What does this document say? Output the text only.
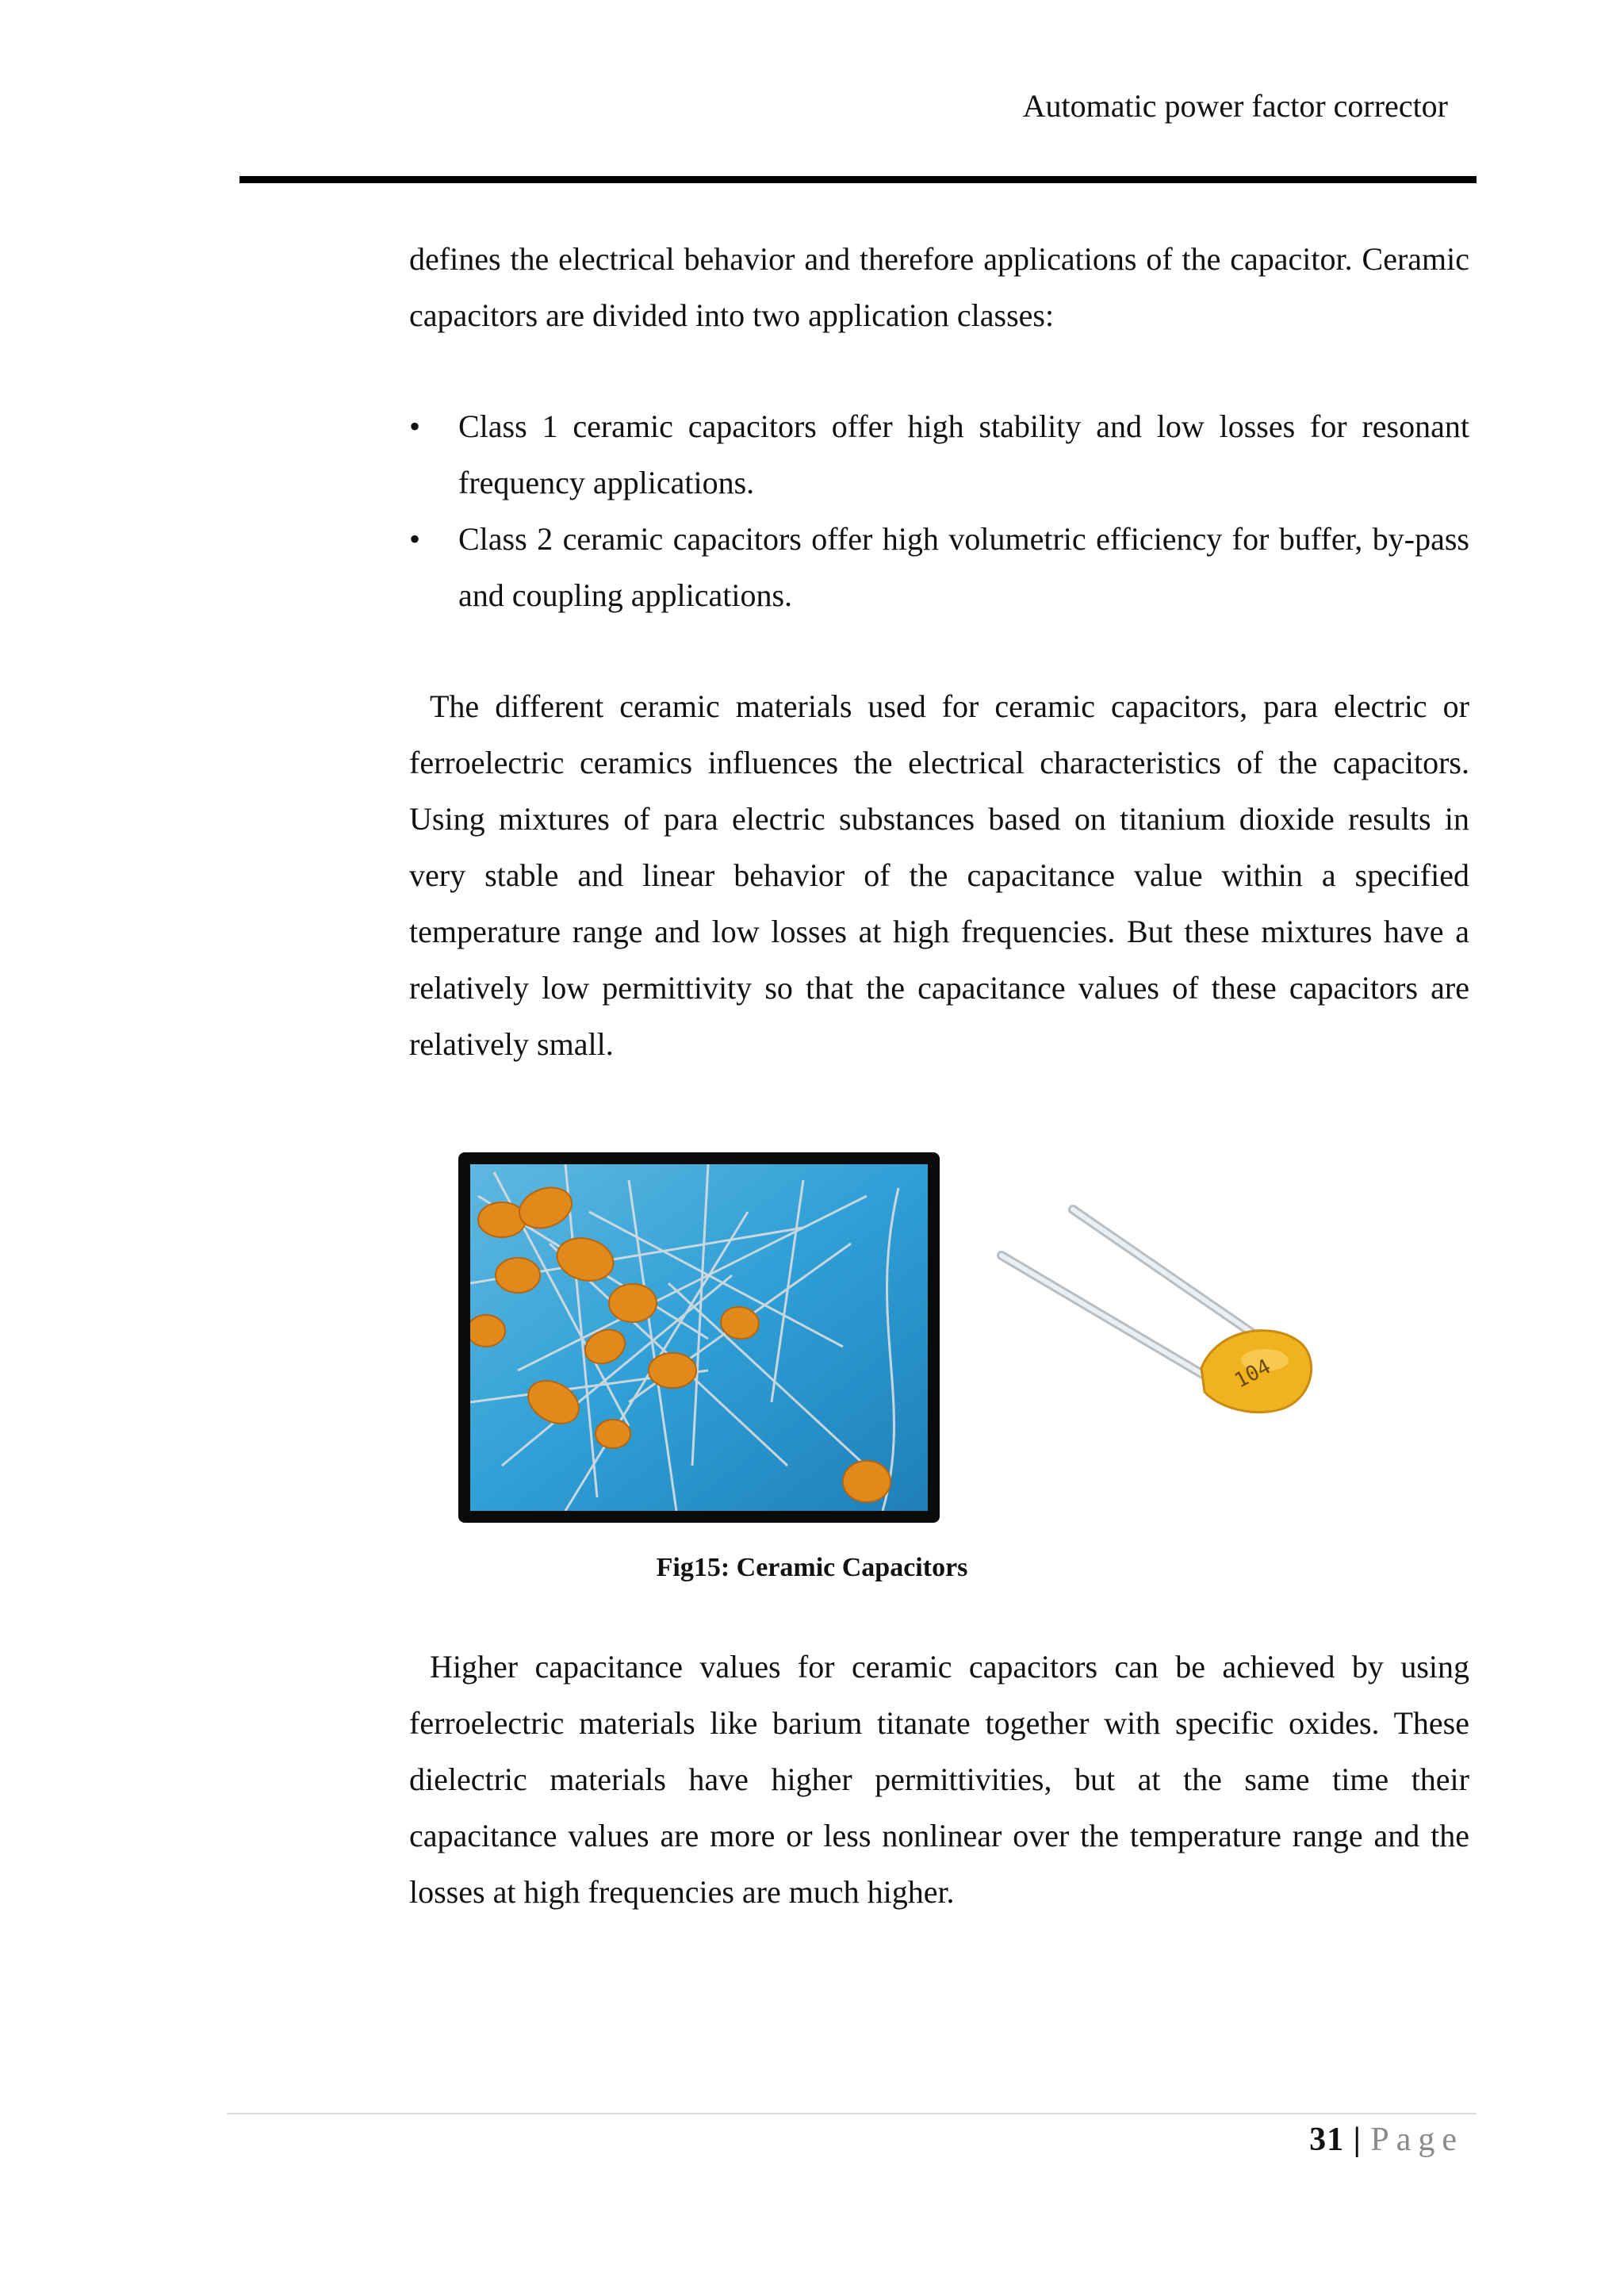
Automatic power factor corrector

defines the electrical behavior and therefore applications of the capacitor. Ceramic capacitors are divided into two application classes:

• Class 1 ceramic capacitors offer high stability and low losses for resonant frequency applications.
• Class 2 ceramic capacitors offer high volumetric efficiency for buffer, by-pass and coupling applications.

The different ceramic materials used for ceramic capacitors, para electric or ferroelectric ceramics influences the electrical characteristics of the capacitors. Using mixtures of para electric substances based on titanium dioxide results in very stable and linear behavior of the capacitance value within a specified temperature range and low losses at high frequencies. But these mixtures have a relatively low permittivity so that the capacitance values of these capacitors are relatively small.

104
Fig15: Ceramic Capacitors

Higher capacitance values for ceramic capacitors can be achieved by using ferroelectric materials like barium titanate together with specific oxides. These dielectric materials have higher permittivities, but at the same time their capacitance values are more or less nonlinear over the temperature range and the losses at high frequencies are much higher.

31 | Page
